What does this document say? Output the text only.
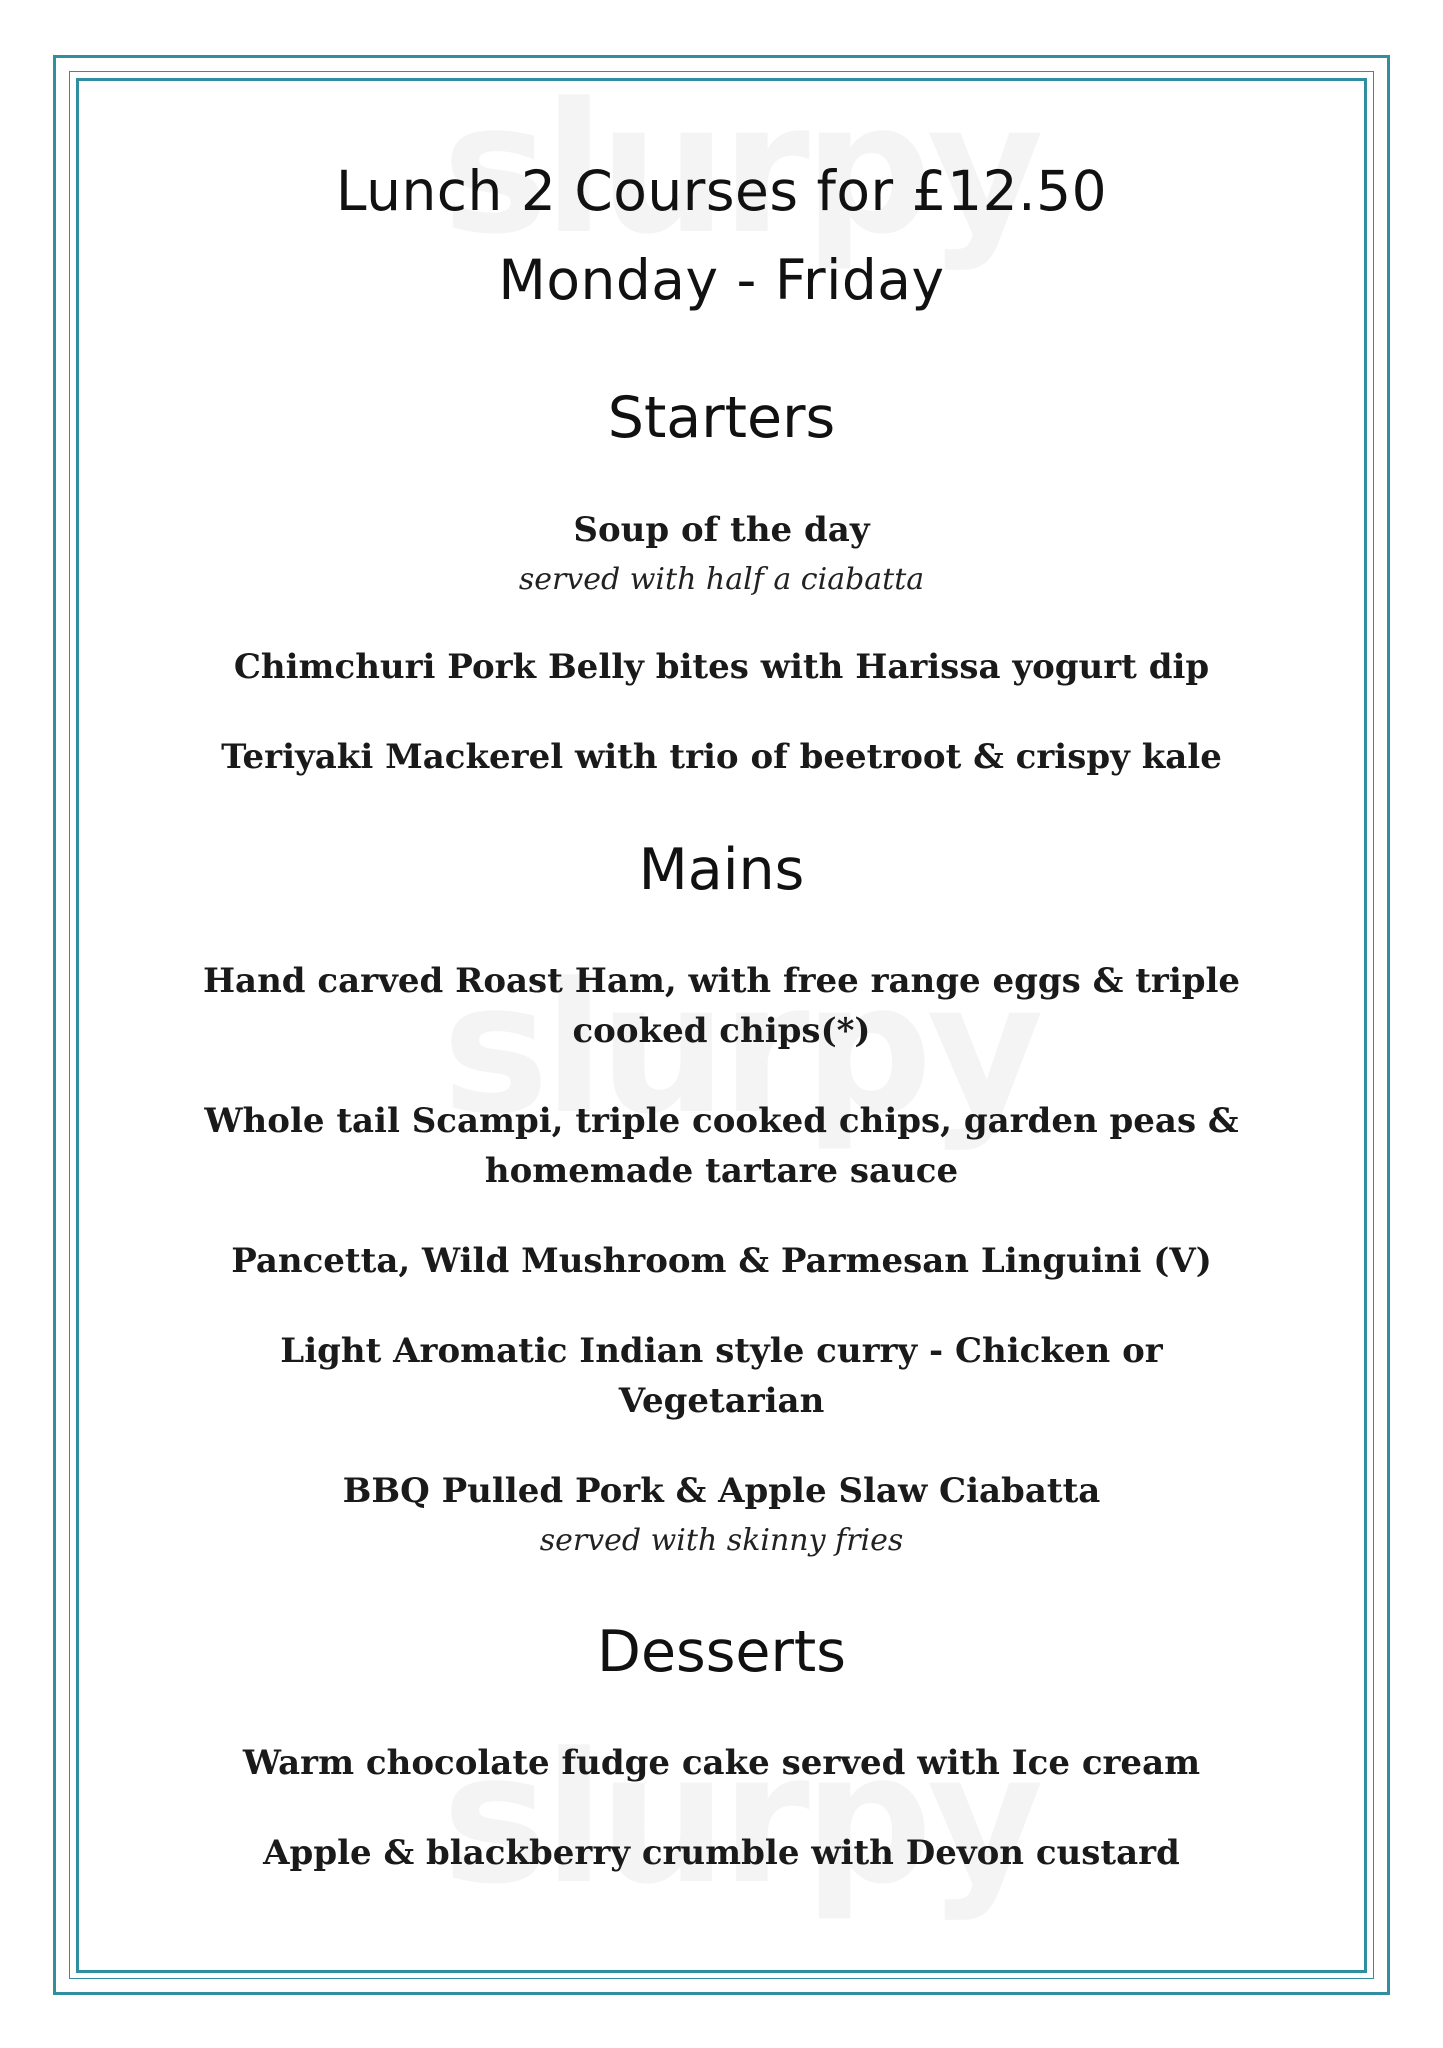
Lunch 2 Courses for £12.50
Monday - Friday
Starters
Soup of the day
served with half a ciabatta
Chimchuri Pork Belly bites with Harissa yogurt dip
Teriyaki Mackerel with trio of beetroot & crispy kale
Mains
Hand carved Roast Ham, with free range eggs & triple
cooked chips(*)
Whole tail Scampi, triple cooked chips, garden peas &
homemade tartare sauce
Pancetta, Wild Mushroom & Parmesan Linguini (V)
Light Aromatic Indian style curry - Chicken or
Vegetarian
BBQ Pulled Pork & Apple Slaw Ciabatta
served with skinny fries
Desserts
Warm chocolate fudge cake served with Ice cream
Apple & blackberry crumble with Devon custard
